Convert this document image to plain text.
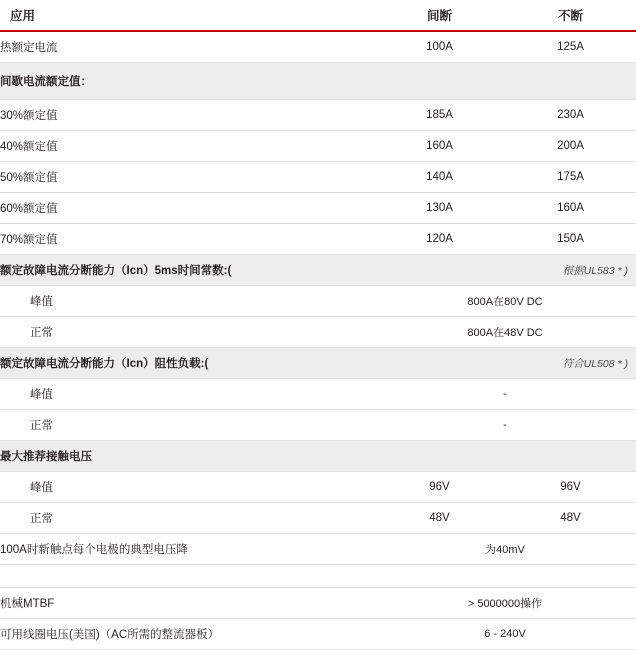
应用	间断	不断
热额定电流	100A	125A
间歇电流额定值：		
30%额定值	185A	230A
40%额定值	160A	200A
50%额定值	140A	175A
60%额定值	130A	160A
70%额定值	120A	150A
额定故障电流分断能力（Icn）5ms时间常数:(	根据UL583 * )	
峰值	800A在80V DC	
正常	800A在48V DC	
额定故障电流分断能力（Icn）阻性负载:(	符合UL508 * )	
峰值	-	
正常	-	
最大推荐接触电压		
峰值	96V	96V
正常	48V	48V
100A时新触点每个电极的典型电压降	为40mV	

机械MTBF	> 5000000操作	
可用线圈电压(美国)（AC所需的整流器板）	6 - 240V	
